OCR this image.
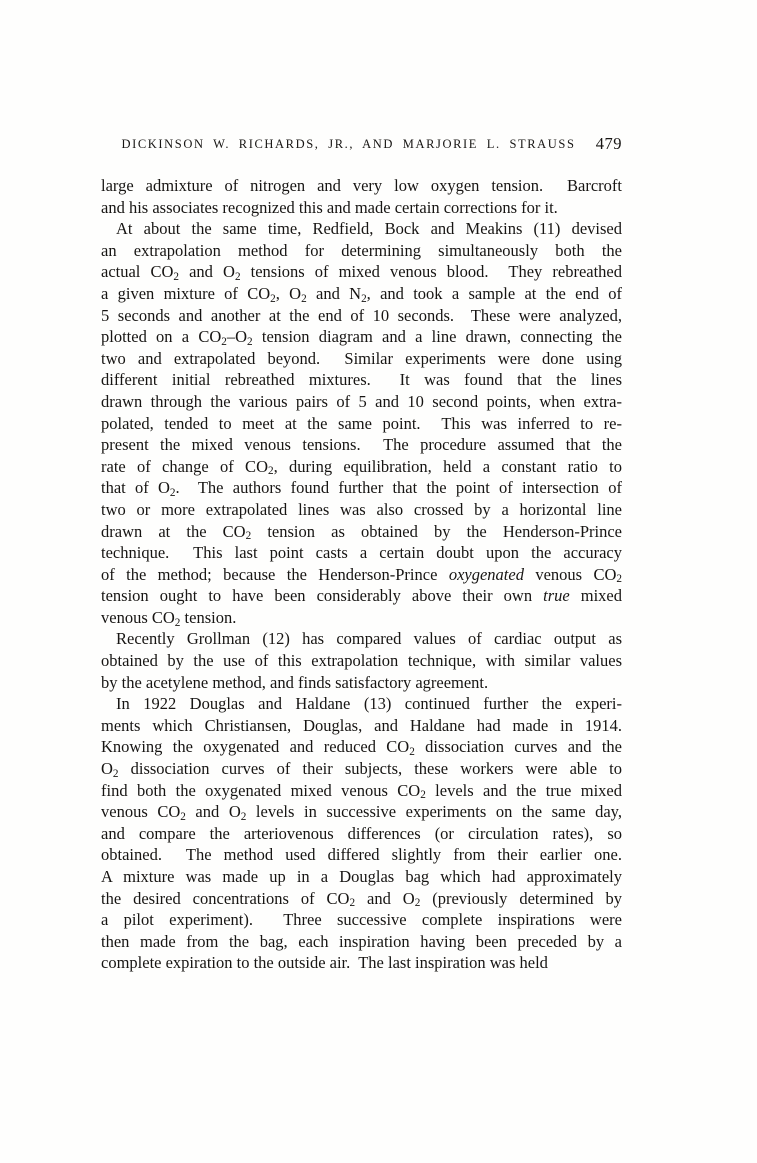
DICKINSON W. RICHARDS, JR., AND MARJORIE L. STRAUSS	479
large admixture of nitrogen and very low oxygen tension.  Barcroft
and his associates recognized this and made certain corrections for it.
At about the same time, Redfield, Bock and Meakins (11) devised
an extrapolation method for determining simultaneously both the
actual $CO_2$ and $O_2$ tensions of mixed venous blood.  They rebreathed
a given mixture of $CO_2$, $O_2$ and $N_2$, and took a sample at the end of
5 seconds and another at the end of 10 seconds.  These were analyzed,
plotted on a $CO_2-O_2$ tension diagram and a line drawn, connecting the
two and extrapolated beyond.  Similar experiments were done using
different initial rebreathed mixtures.  It was found that the lines
drawn through the various pairs of 5 and 10 second points, when extra-
polated, tended to meet at the same point.  This was inferred to re-
present the mixed venous tensions.  The procedure assumed that the
rate of change of $CO_2$, during equilibration, held a constant ratio to
that of $O_2$.  The authors found further that the point of intersection of
two or more extrapolated lines was also crossed by a horizontal line
drawn at the $CO_2$ tension as obtained by the Henderson-Prince
technique.  This last point casts a certain doubt upon the accuracy
of the method; because the Henderson-Prince oxygenated venous $CO_2$
tension ought to have been considerably above their own true mixed
venous $CO_2$ tension.
Recently Grollman (12) has compared values of cardiac output as
obtained by the use of this extrapolation technique, with similar values
by the acetylene method, and finds satisfactory agreement.
In 1922 Douglas and Haldane (13) continued further the experi-
ments which Christiansen, Douglas, and Haldane had made in 1914.
Knowing the oxygenated and reduced $CO_2$ dissociation curves and the
$O_2$ dissociation curves of their subjects, these workers were able to
find both the oxygenated mixed venous $CO_2$ levels and the true mixed
venous $CO_2$ and $O_2$ levels in successive experiments on the same day,
and compare the arteriovenous differences (or circulation rates), so
obtained.  The method used differed slightly from their earlier one.
A mixture was made up in a Douglas bag which had approximately
the desired concentrations of $CO_2$ and $O_2$ (previously determined by
a pilot experiment).  Three successive complete inspirations were
then made from the bag, each inspiration having been preceded by a
complete expiration to the outside air.  The last inspiration was held
